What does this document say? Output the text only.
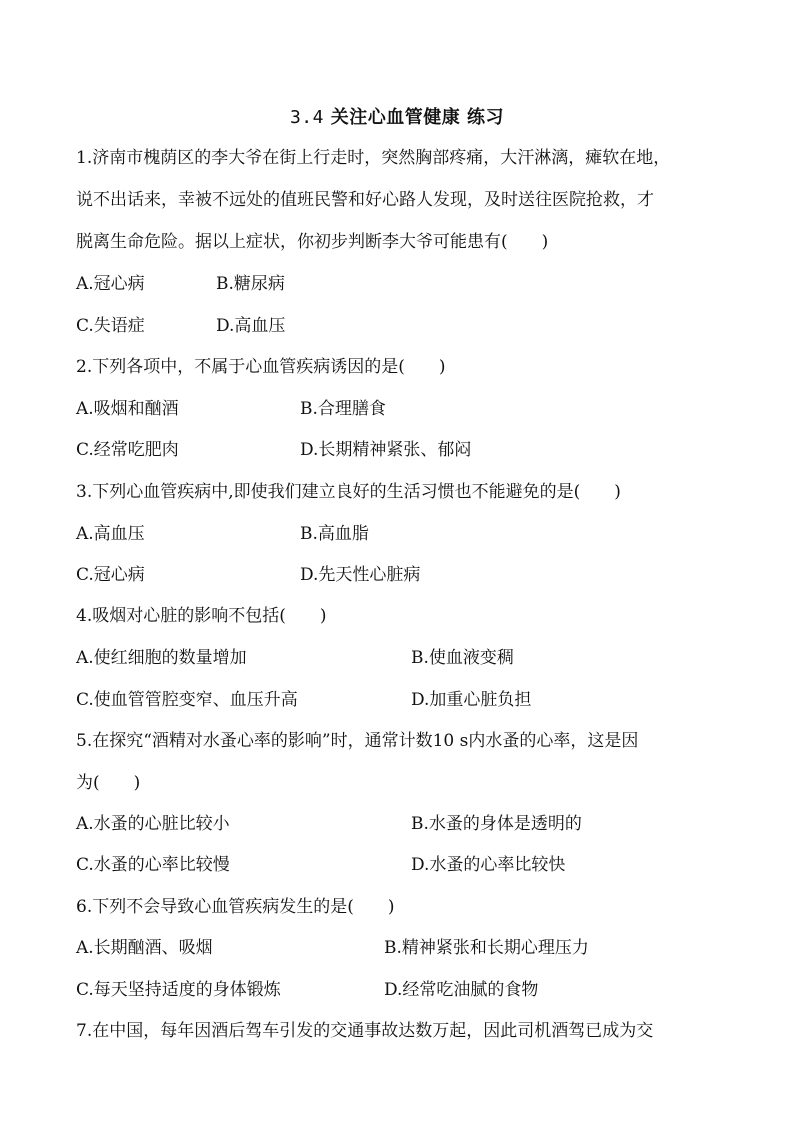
3.4 关注心血管健康 练习
1.济南市槐荫区的李大爷在街上行走时，突然胸部疼痛，大汗淋漓，瘫软在地，
说不出话来，幸被不远处的值班民警和好心路人发现，及时送往医院抢救，才
脱离生命危险。据以上症状，你初步判断李大爷可能患有(　　)
A.冠心病	B.糖尿病
C.失语症	D.高血压
2.下列各项中，不属于心血管疾病诱因的是(　　)
A.吸烟和酗酒	B.合理膳食
C.经常吃肥肉	D.长期精神紧张、郁闷
3.下列心血管疾病中,即使我们建立良好的生活习惯也不能避免的是(　　)
A.高血压	B.高血脂
C.冠心病	D.先天性心脏病
4.吸烟对心脏的影响不包括(　　)
A.使红细胞的数量增加	B.使血液变稠
C.使血管管腔变窄、血压升高	D.加重心脏负担
5.在探究“酒精对水蚤心率的影响”时，通常计数10 s内水蚤的心率，这是因
为(　　)
A.水蚤的心脏比较小	B.水蚤的身体是透明的
C.水蚤的心率比较慢	D.水蚤的心率比较快
6.下列不会导致心血管疾病发生的是(　　)
A.长期酗酒、吸烟	B.精神紧张和长期心理压力
C.每天坚持适度的身体锻炼	D.经常吃油腻的食物
7.在中国，每年因酒后驾车引发的交通事故达数万起，因此司机酒驾已成为交
